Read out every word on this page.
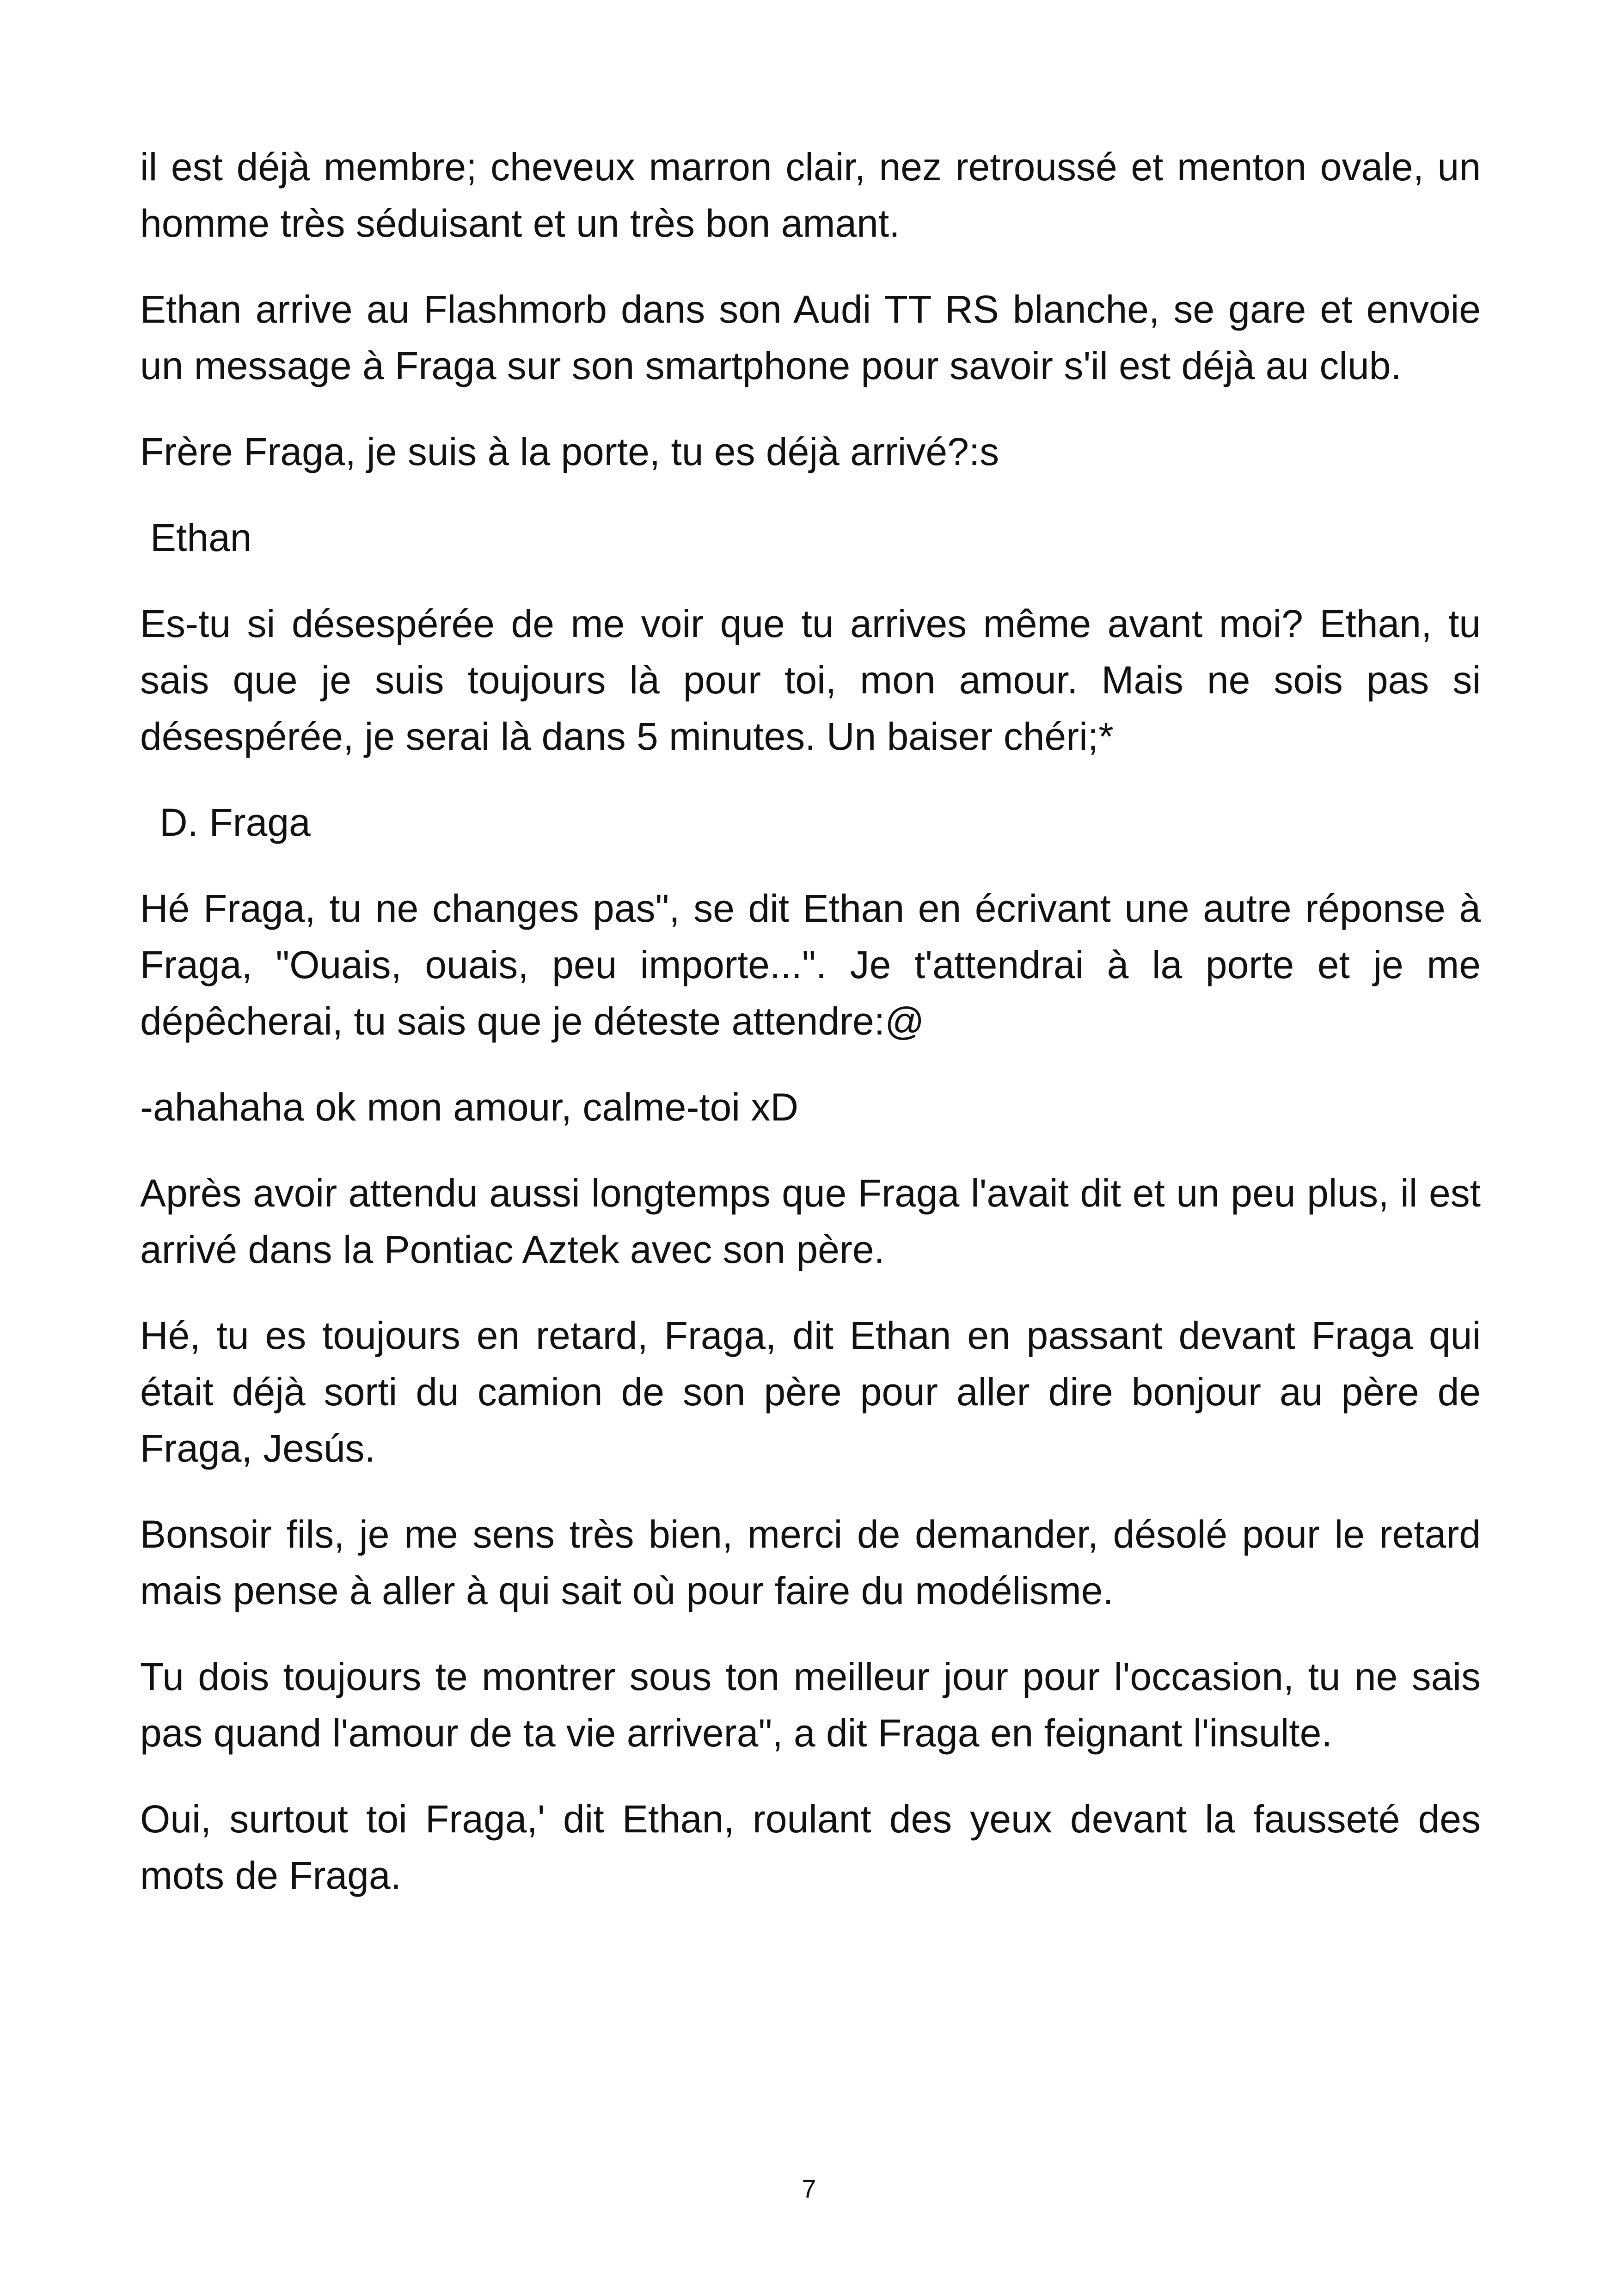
il est déjà membre; cheveux marron clair, nez retroussé et menton ovale, un homme très séduisant et un très bon amant.

Ethan arrive au Flashmorb dans son Audi TT RS blanche, se gare et envoie un message à Fraga sur son smartphone pour savoir s'il est déjà au club.

Frère Fraga, je suis à la porte, tu es déjà arrivé?:s

Ethan

Es-tu si désespérée de me voir que tu arrives même avant moi? Ethan, tu sais que je suis toujours là pour toi, mon amour. Mais ne sois pas si désespérée, je serai là dans 5 minutes. Un baiser chéri;*

D. Fraga

Hé Fraga, tu ne changes pas", se dit Ethan en écrivant une autre réponse à Fraga, "Ouais, ouais, peu importe...". Je t'attendrai à la porte et je me dépêcherai, tu sais que je déteste attendre:@

-ahahaha ok mon amour, calme-toi xD

Après avoir attendu aussi longtemps que Fraga l'avait dit et un peu plus, il est arrivé dans la Pontiac Aztek avec son père.

Hé, tu es toujours en retard, Fraga, dit Ethan en passant devant Fraga qui était déjà sorti du camion de son père pour aller dire bonjour au père de Fraga, Jesús.

Bonsoir fils, je me sens très bien, merci de demander, désolé pour le retard mais pense à aller à qui sait où pour faire du modélisme.

Tu dois toujours te montrer sous ton meilleur jour pour l'occasion, tu ne sais pas quand l'amour de ta vie arrivera", a dit Fraga en feignant l'insulte.

Oui, surtout toi Fraga,' dit Ethan, roulant des yeux devant la fausseté des mots de Fraga.

7
